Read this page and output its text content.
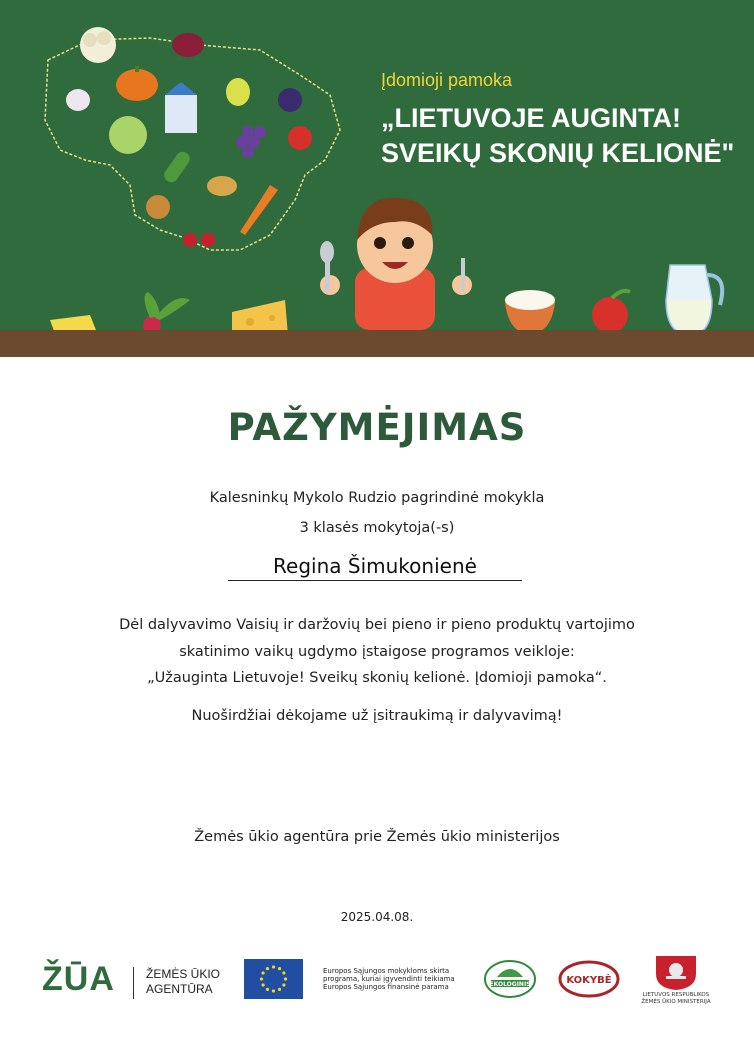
Įdomioji pamoka
„LIETUVOJE AUGINTA!
SVEIKŲ SKONIŲ KELIONĖ"
PAŽYMĖJIMAS
Kalesninkų Mykolo Rudzio pagrindinė mokykla
3 klasės mokytoja(-s)
Regina Šimukonienė
Dėl dalyvavimo Vaisių ir daržovių bei pieno ir pieno produktų vartojimo
skatinimo vaikų ugdymo įstaigose programos veikloje:
„Užauginta Lietuvoje! Sveikų skonių kelionė. Įdomioji pamoka“.
Nuoširdžiai dėkojame už įsitraukimą ir dalyvavimą!
Žemės ūkio agentūra prie Žemės ūkio ministerijos
2025.04.08.
ŽŪA	ŽEMĖS ŪKIO
AGENTŪRA
Europos Sąjungos mokykloms skirta
programa, kuriai įgyvendinti teikiama
Europos Sąjungos finansinė parama	EKOLOGINIS	KOKYBĖ
LIETUVOS RESPUBLIKOS
ŽEMĖS ŪKIO MINISTERIJA
